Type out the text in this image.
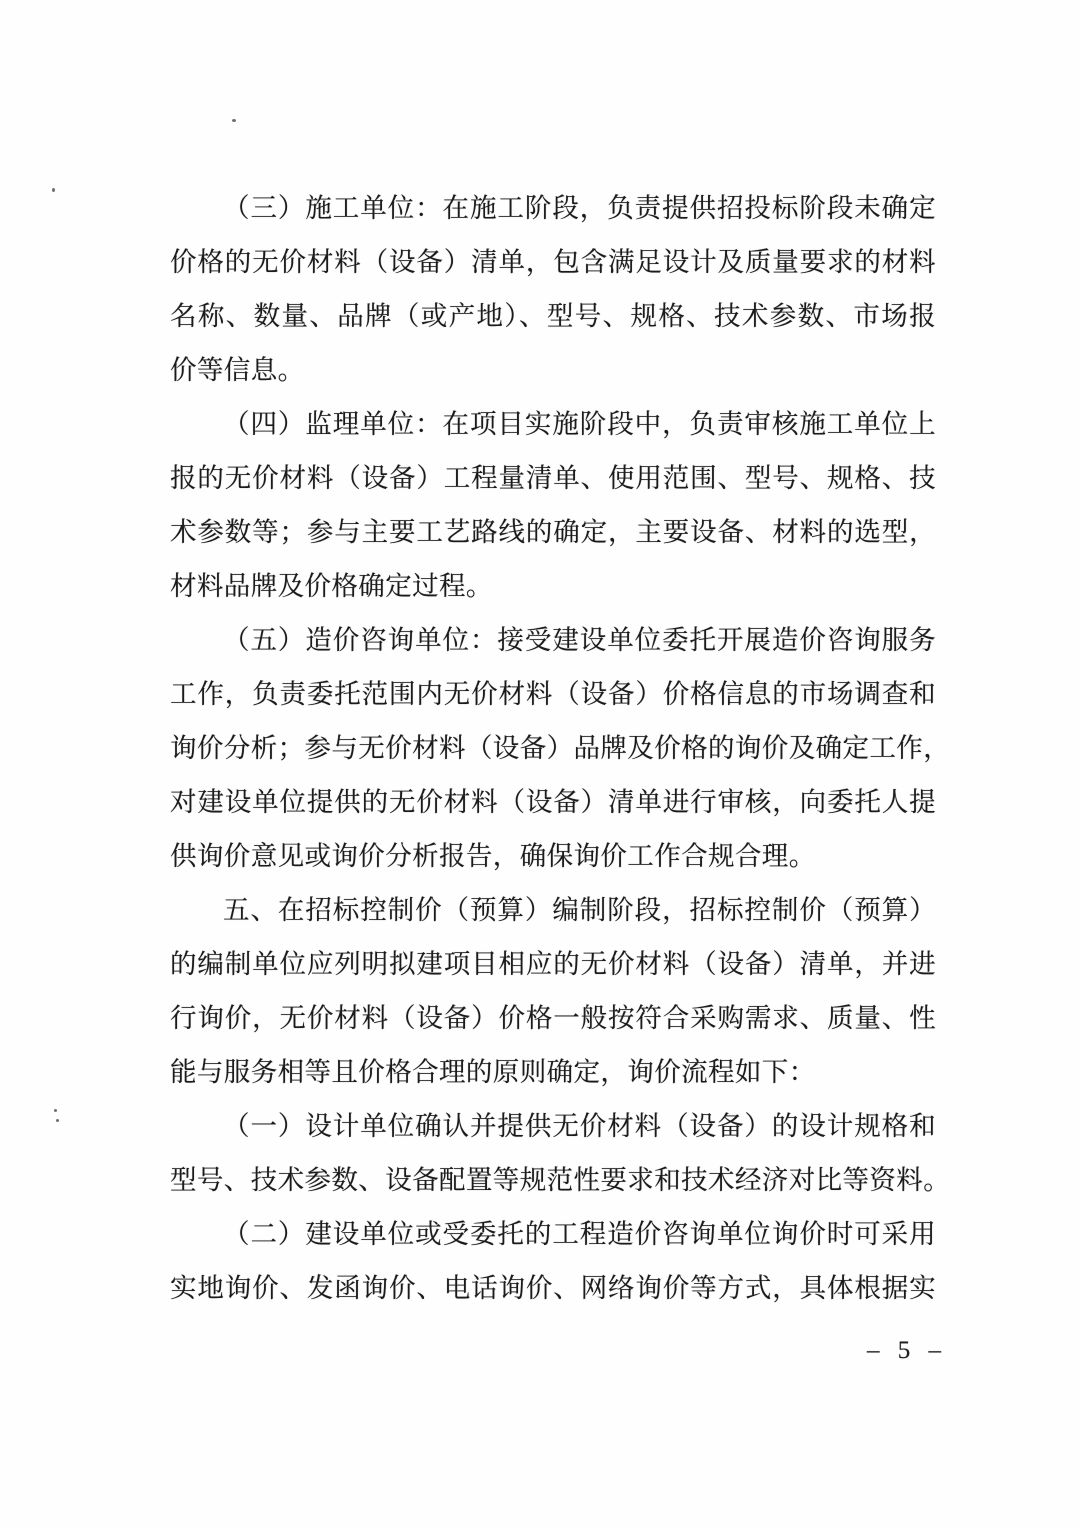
（三）施工单位：在施工阶段，负责提供招投标阶段未确定
价格的无价材料（设备）清单，包含满足设计及质量要求的材料
名称、数量、品牌（或产地）、型号、规格、技术参数、市场报
价等信息。
（四）监理单位：在项目实施阶段中，负责审核施工单位上
报的无价材料（设备）工程量清单、使用范围、型号、规格、技
术参数等；参与主要工艺路线的确定，主要设备、材料的选型，
材料品牌及价格确定过程。
（五）造价咨询单位：接受建设单位委托开展造价咨询服务
工作，负责委托范围内无价材料（设备）价格信息的市场调查和
询价分析；参与无价材料（设备）品牌及价格的询价及确定工作，
对建设单位提供的无价材料（设备）清单进行审核，向委托人提
供询价意见或询价分析报告，确保询价工作合规合理。
五、在招标控制价（预算）编制阶段，招标控制价（预算）
的编制单位应列明拟建项目相应的无价材料（设备）清单，并进
行询价，无价材料（设备）价格一般按符合采购需求、质量、性
能与服务相等且价格合理的原则确定，询价流程如下：
（一）设计单位确认并提供无价材料（设备）的设计规格和
型号、技术参数、设备配置等规范性要求和技术经济对比等资料。
（二）建设单位或受委托的工程造价咨询单位询价时可采用
实地询价、发函询价、电话询价、网络询价等方式，具体根据实
– 5 –
